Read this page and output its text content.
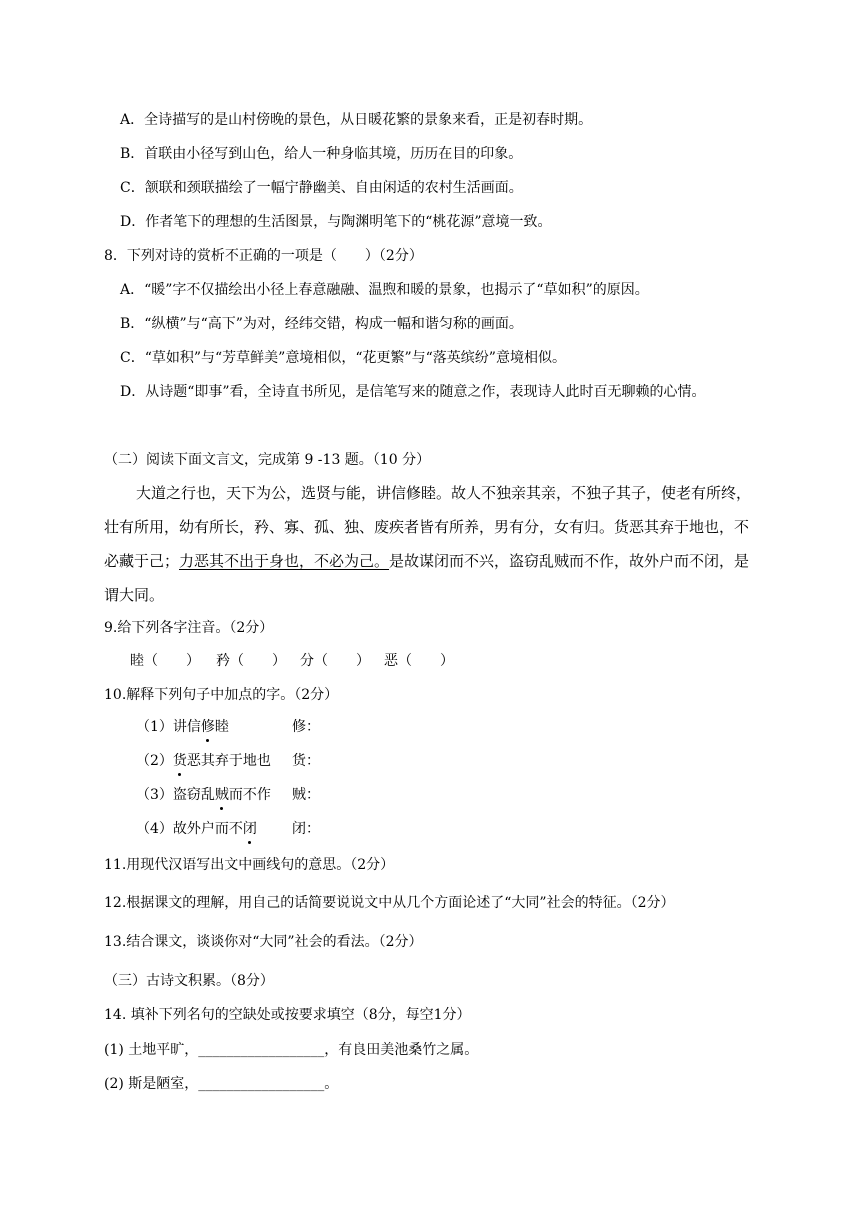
A．全诗描写的是山村傍晚的景色，从日暖花繁的景象来看，正是初春时期。
B．首联由小径写到山色，给人一种身临其境，历历在目的印象。
C．颔联和颈联描绘了一幅宁静幽美、自由闲适的农村生活画面。
D．作者笔下的理想的生活图景，与陶渊明笔下的“桃花源”意境一致。
8．下列对诗的赏析不正确的一项是（　　）（2分）
A．“暖”字不仅描绘出小径上春意融融、温煦和暖的景象，也揭示了“草如积”的原因。
B．“纵横”与“高下”为对，经纬交错，构成一幅和谐匀称的画面。
C．“草如积”与“芳草鲜美”意境相似，“花更繁”与“落英缤纷”意境相似。
D．从诗题“即事”看，全诗直书所见，是信笔写来的随意之作，表现诗人此时百无聊赖的心情。
（二）阅读下面文言文，完成第 9 -13 题。（10 分）
大道之行也，天下为公，选贤与能，讲信修睦。故人不独亲其亲，不独子其子，使老有所终，
壮有所用，幼有所长，矜、寡、孤、独、废疾者皆有所养，男有分，女有归。货恶其弃于地也，不
必藏于己；力恶其不出于身也，不必为己。是故谋闭而不兴，盗窃乱贼而不作，故外户而不闭，是
谓大同。
9.给下列各字注音。（2分）
睦（　　） 矜（　　） 分（　　） 恶（　　）
10.解释下列句子中加点的字。（2分）
（1）讲信修睦	修：
（2）货恶其弃于地也 货：
（3）盗窃乱贼而不作 贼：
（4）故外户而不闭	闭：
11.用现代汉语写出文中画线句的意思。（2分）
12.根据课文的理解，用自己的话简要说说文中从几个方面论述了“大同”社会的特征。（2分）
13.结合课文，谈谈你对“大同”社会的看法。（2分）
（三）古诗文积累。（8分）
14. 填补下列名句的空缺处或按要求填空（8分，每空1分）
(1) 土地平旷，__________________，有良田美池桑竹之属。
(2) 斯是陋室，__________________。
